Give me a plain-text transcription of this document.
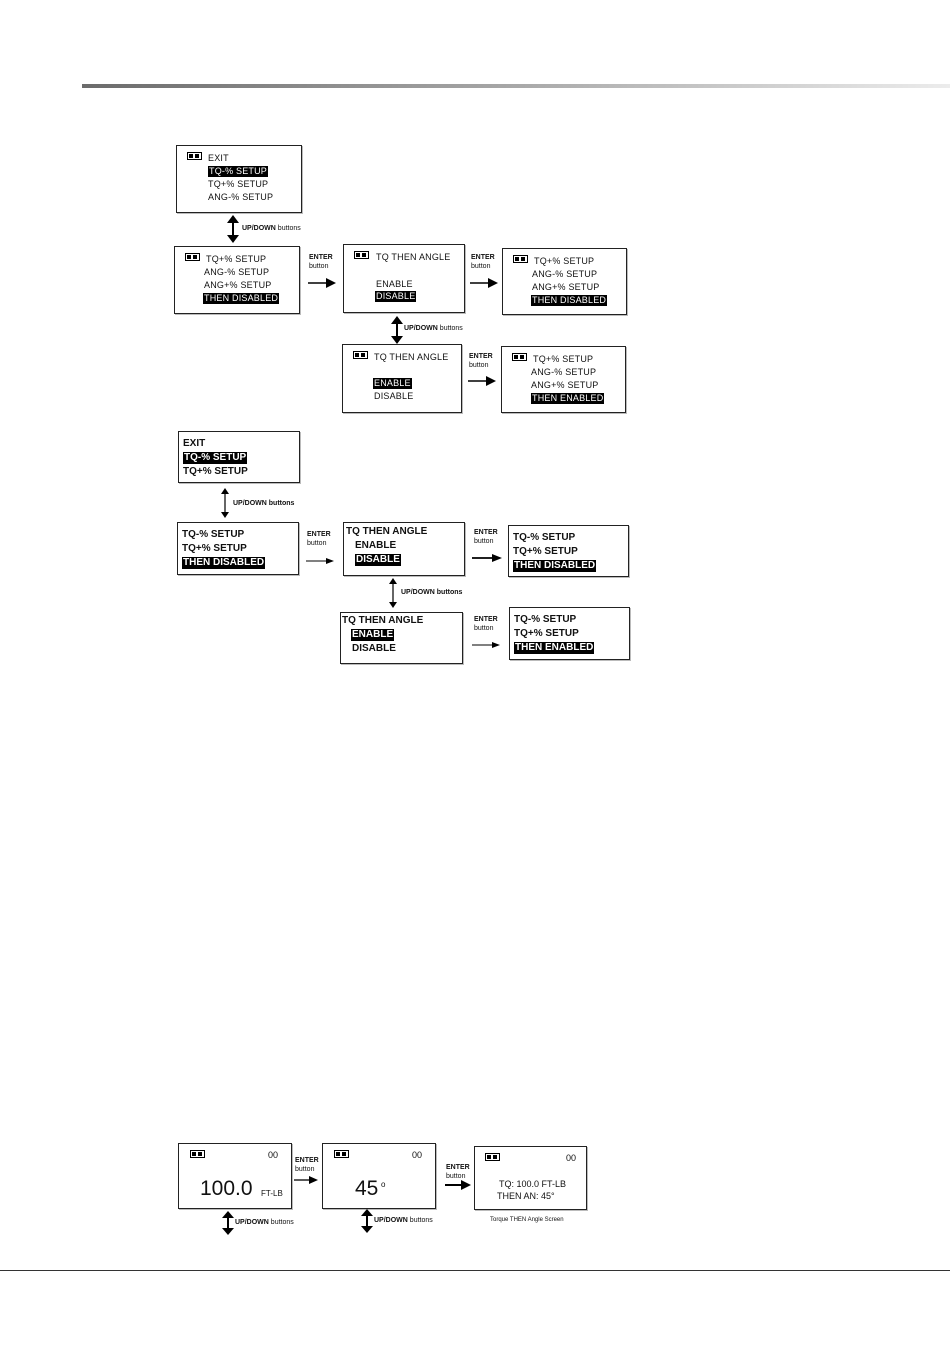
EXIT
TQ-% SETUP
TQ+% SETUP
ANG-% SETUP
UP/DOWN buttons
TQ+% SETUP
ANG-% SETUP
ANG+% SETUP
THEN DISABLED
ENTER
button
TQ THEN ANGLE
ENABLE
DISABLE
ENTER
button
TQ+% SETUP
ANG-% SETUP
ANG+% SETUP
THEN DISABLED
UP/DOWN buttons
TQ THEN ANGLE
ENABLE
DISABLE
ENTER
button
TQ+% SETUP
ANG-% SETUP
ANG+% SETUP
THEN ENABLED
EXIT
TQ-% SETUP
TQ+% SETUP
UP/DOWN buttons
TQ-% SETUP
TQ+% SETUP
THEN DISABLED
ENTER
button
TQ THEN ANGLE
ENABLE
DISABLE
ENTER
button	TQ-% SETUP
TQ+% SETUP
THEN DISABLED
UP/DOWN buttons
TQ THEN ANGLE
ENABLE
DISABLE
ENTER
button
TQ-% SETUP
TQ+% SETUP
THEN ENABLED
00
100.0 FT-LB
UP/DOWN buttons
ENTER
button
00
45 o
UP/DOWN buttons
ENTER
button
00
TQ: 100.0 FT-LB
THEN AN: 45°
Torque THEN Angle Screen
